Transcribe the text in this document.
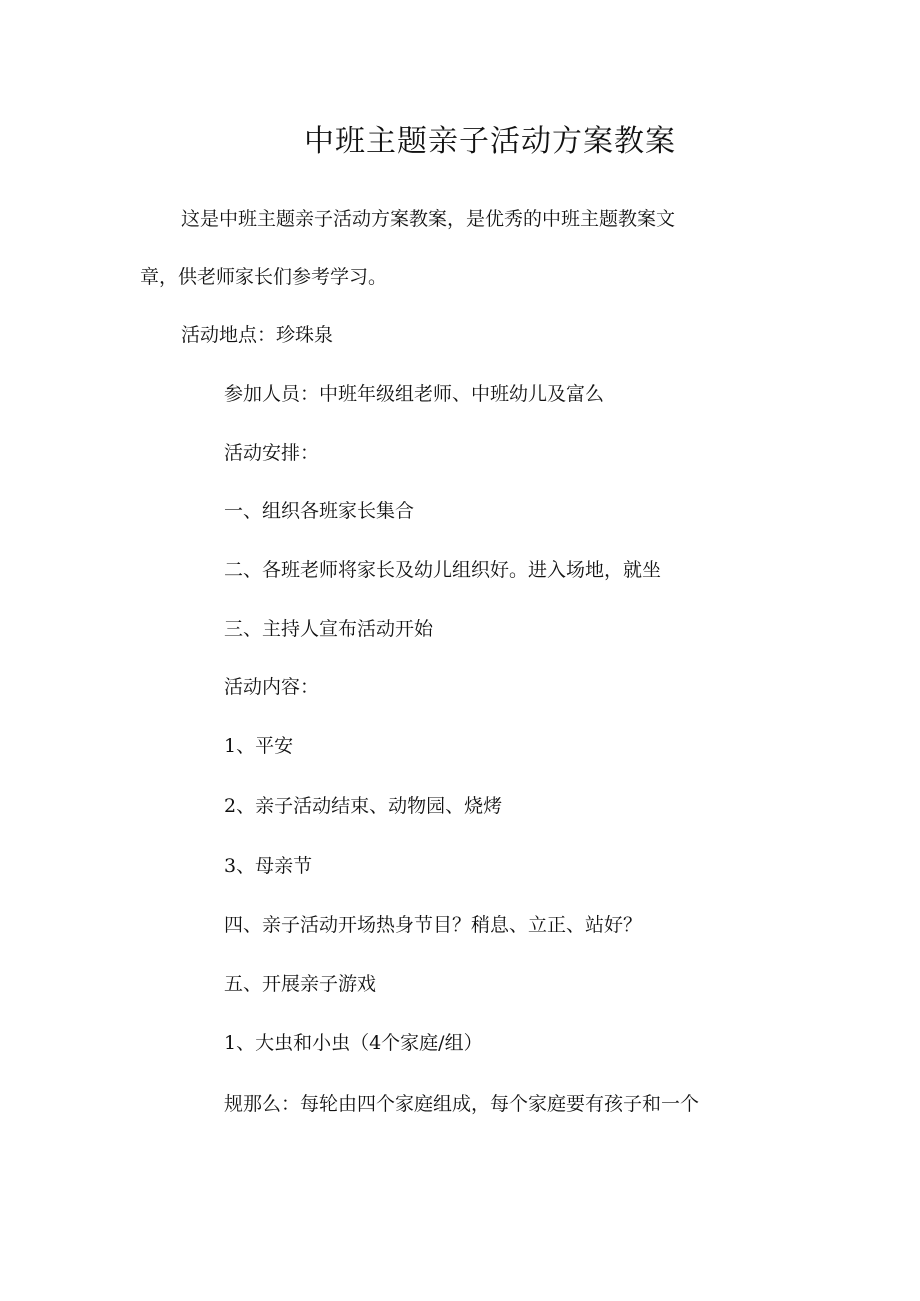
中班主题亲子活动方案教案
这是中班主题亲子活动方案教案，是优秀的中班主题教案文
章，供老师家长们参考学习。
活动地点：珍珠泉
参加人员：中班年级组老师、中班幼儿及富么
活动安排：
一、组织各班家长集合
二、各班老师将家长及幼儿组织好。进入场地，就坐
三、主持人宣布活动开始
活动内容：
1、平安
2、亲子活动结束、动物园、烧烤
3、母亲节
四、亲子活动开场热身节目？稍息、立正、站好？
五、开展亲子游戏
1、大虫和小虫（4个家庭/组）
规那么：每轮由四个家庭组成，每个家庭要有孩子和一个
